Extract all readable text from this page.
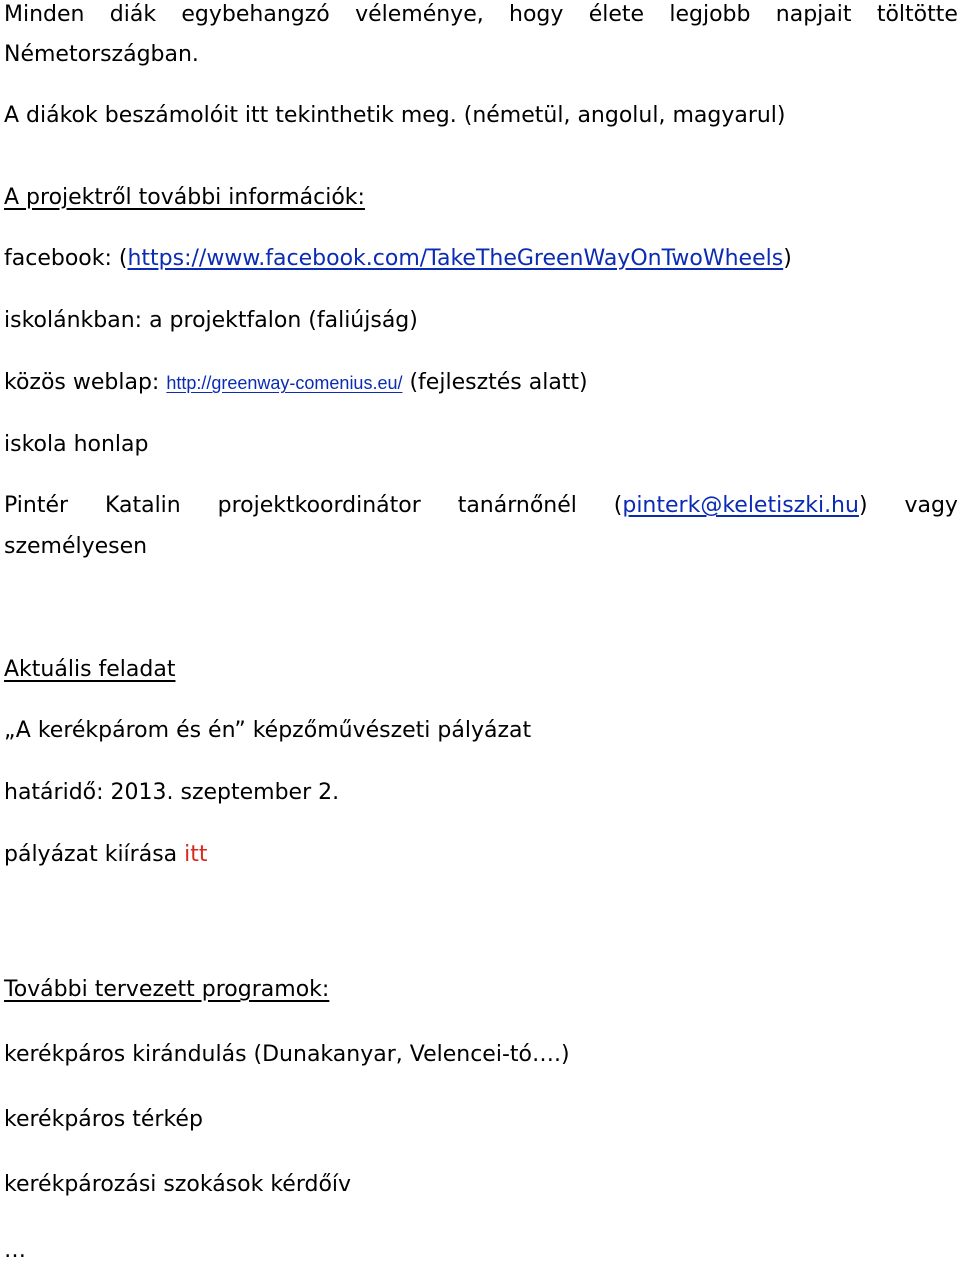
Minden diák egybehangzó véleménye, hogy élete legjobb napjait töltötte
Németországban.
A diákok beszámolóit itt tekinthetik meg. (németül, angolul, magyarul)
A projektről további információk:
facebook: (https://www.facebook.com/TakeTheGreenWayOnTwoWheels)
iskolánkban: a projektfalon (faliújság)
közös weblap: http://greenway-comenius.eu/ (fejlesztés alatt)
iskola honlap
Pintér Katalin projektkoordinátor tanárnőnél (pinterk@keletiszki.hu) vagy
személyesen
Aktuális feladat
„A kerékpárom és én” képzőművészeti pályázat
határidő: 2013. szeptember 2.
pályázat kiírása itt
További tervezett programok:
kerékpáros kirándulás (Dunakanyar, Velencei-tó….)
kerékpáros térkép
kerékpározási szokások kérdőív
…
